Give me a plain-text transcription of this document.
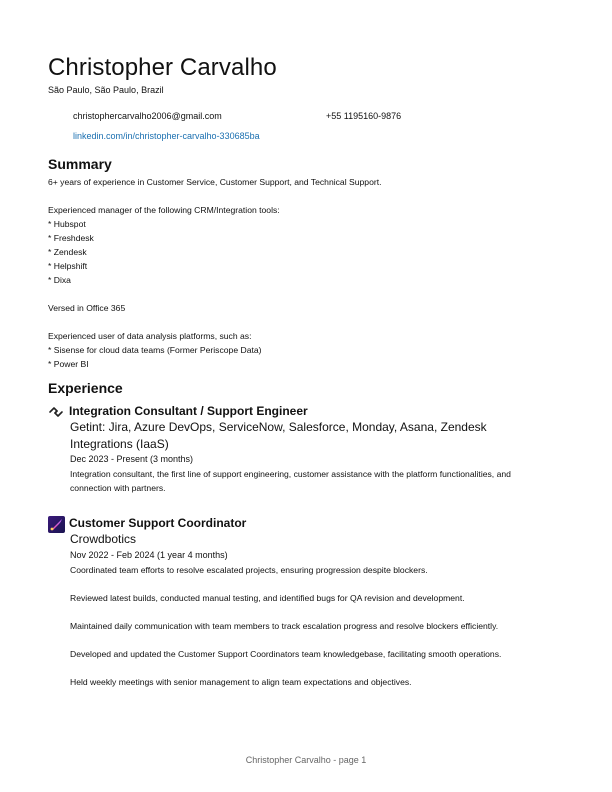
Christopher Carvalho
São Paulo, São Paulo, Brazil
christophercarvalho2006@gmail.com	+55 1195160-9876
linkedin.com/in/christopher-carvalho-330685ba
Summary
6+ years of experience in Customer Service, Customer Support, and Technical Support.
Experienced manager of the following CRM/Integration tools:
* Hubspot
* Freshdesk
* Zendesk
* Helpshift
* Dixa
Versed in Office 365
Experienced user of data analysis platforms, such as:
* Sisense for cloud data teams (Former Periscope Data)
* Power BI
Experience
Integration Consultant / Support Engineer
Getint: Jira, Azure DevOps, ServiceNow, Salesforce, Monday, Asana, Zendesk Integrations (IaaS)
Dec 2023 - Present (3 months)

Integration consultant, the first line of support engineering, customer assistance with the platform functionalities, and connection with partners.

Customer Support Coordinator
Crowdbotics
Nov 2022 - Feb 2024 (1 year 4 months)

Coordinated team efforts to resolve escalated projects, ensuring progression despite blockers.

Reviewed latest builds, conducted manual testing, and identified bugs for QA revision and development.

Maintained daily communication with team members to track escalation progress and resolve blockers efficiently.

Developed and updated the Customer Support Coordinators team knowledgebase, facilitating smooth operations.

Held weekly meetings with senior management to align team expectations and objectives.

Christopher Carvalho - page 1
